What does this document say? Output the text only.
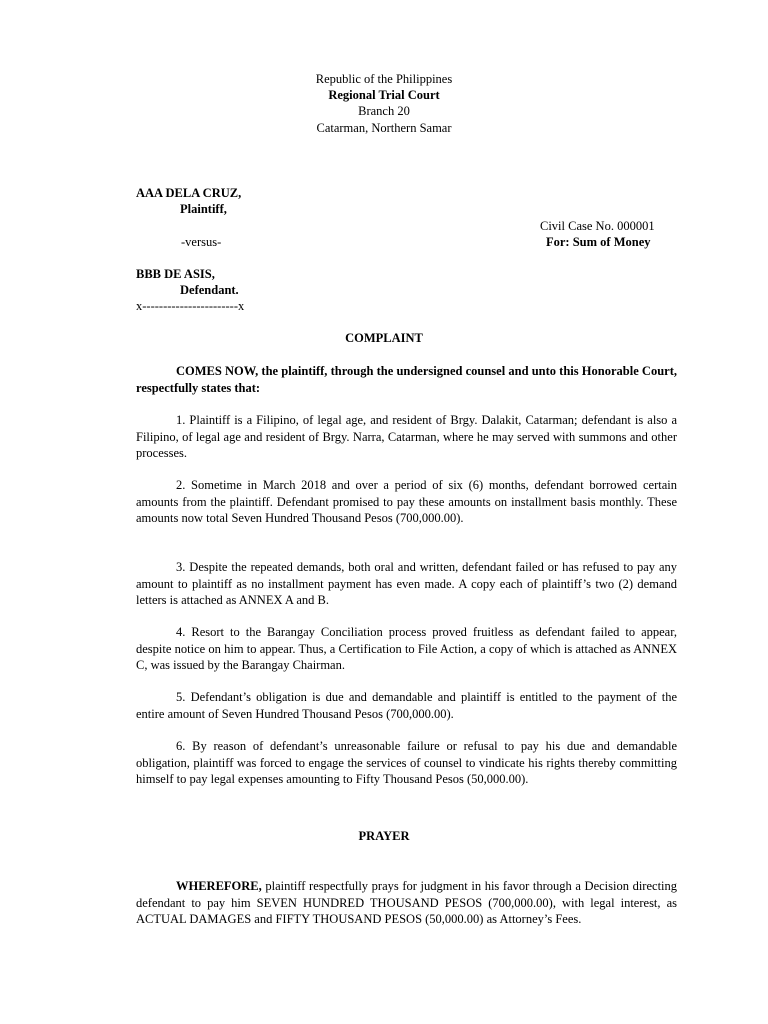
Republic of the Philippines
Regional Trial Court
Branch 20
Catarman, Northern Samar
AAA DELA CRUZ,
Plaintiff,
Civil Case No. 000001
-versus-	For: Sum of Money
BBB DE ASIS,
Defendant.
x-----------------------x
COMPLAINT

COMES NOW, the plaintiff, through the undersigned counsel and unto this Honorable Court, respectfully states that:

1. Plaintiff is a Filipino, of legal age, and resident of Brgy. Dalakit, Catarman; defendant is also a Filipino, of legal age and resident of Brgy. Narra, Catarman, where he may served with summons and other processes.

2. Sometime in March 2018 and over a period of six (6) months, defendant borrowed certain amounts from the plaintiff. Defendant promised to pay these amounts on installment basis monthly. These amounts now total Seven Hundred Thousand Pesos (700,000.00).

3. Despite the repeated demands, both oral and written, defendant failed or has refused to pay any amount to plaintiff as no installment payment has even made. A copy each of plaintiff’s two (2) demand letters is attached as ANNEX A and B.

4. Resort to the Barangay Conciliation process proved fruitless as defendant failed to appear, despite notice on him to appear. Thus, a Certification to File Action, a copy of which is attached as ANNEX C, was issued by the Barangay Chairman.

5. Defendant’s obligation is due and demandable and plaintiff is entitled to the payment of the entire amount of Seven Hundred Thousand Pesos (700,000.00).

6. By reason of defendant’s unreasonable failure or refusal to pay his due and demandable obligation, plaintiff was forced to engage the services of counsel to vindicate his rights thereby committing himself to pay legal expenses amounting to Fifty Thousand Pesos (50,000.00).

PRAYER

WHEREFORE, plaintiff respectfully prays for judgment in his favor through a Decision directing defendant to pay him SEVEN HUNDRED THOUSAND PESOS (700,000.00), with legal interest, as ACTUAL DAMAGES and FIFTY THOUSAND PESOS (50,000.00) as Attorney’s Fees.
